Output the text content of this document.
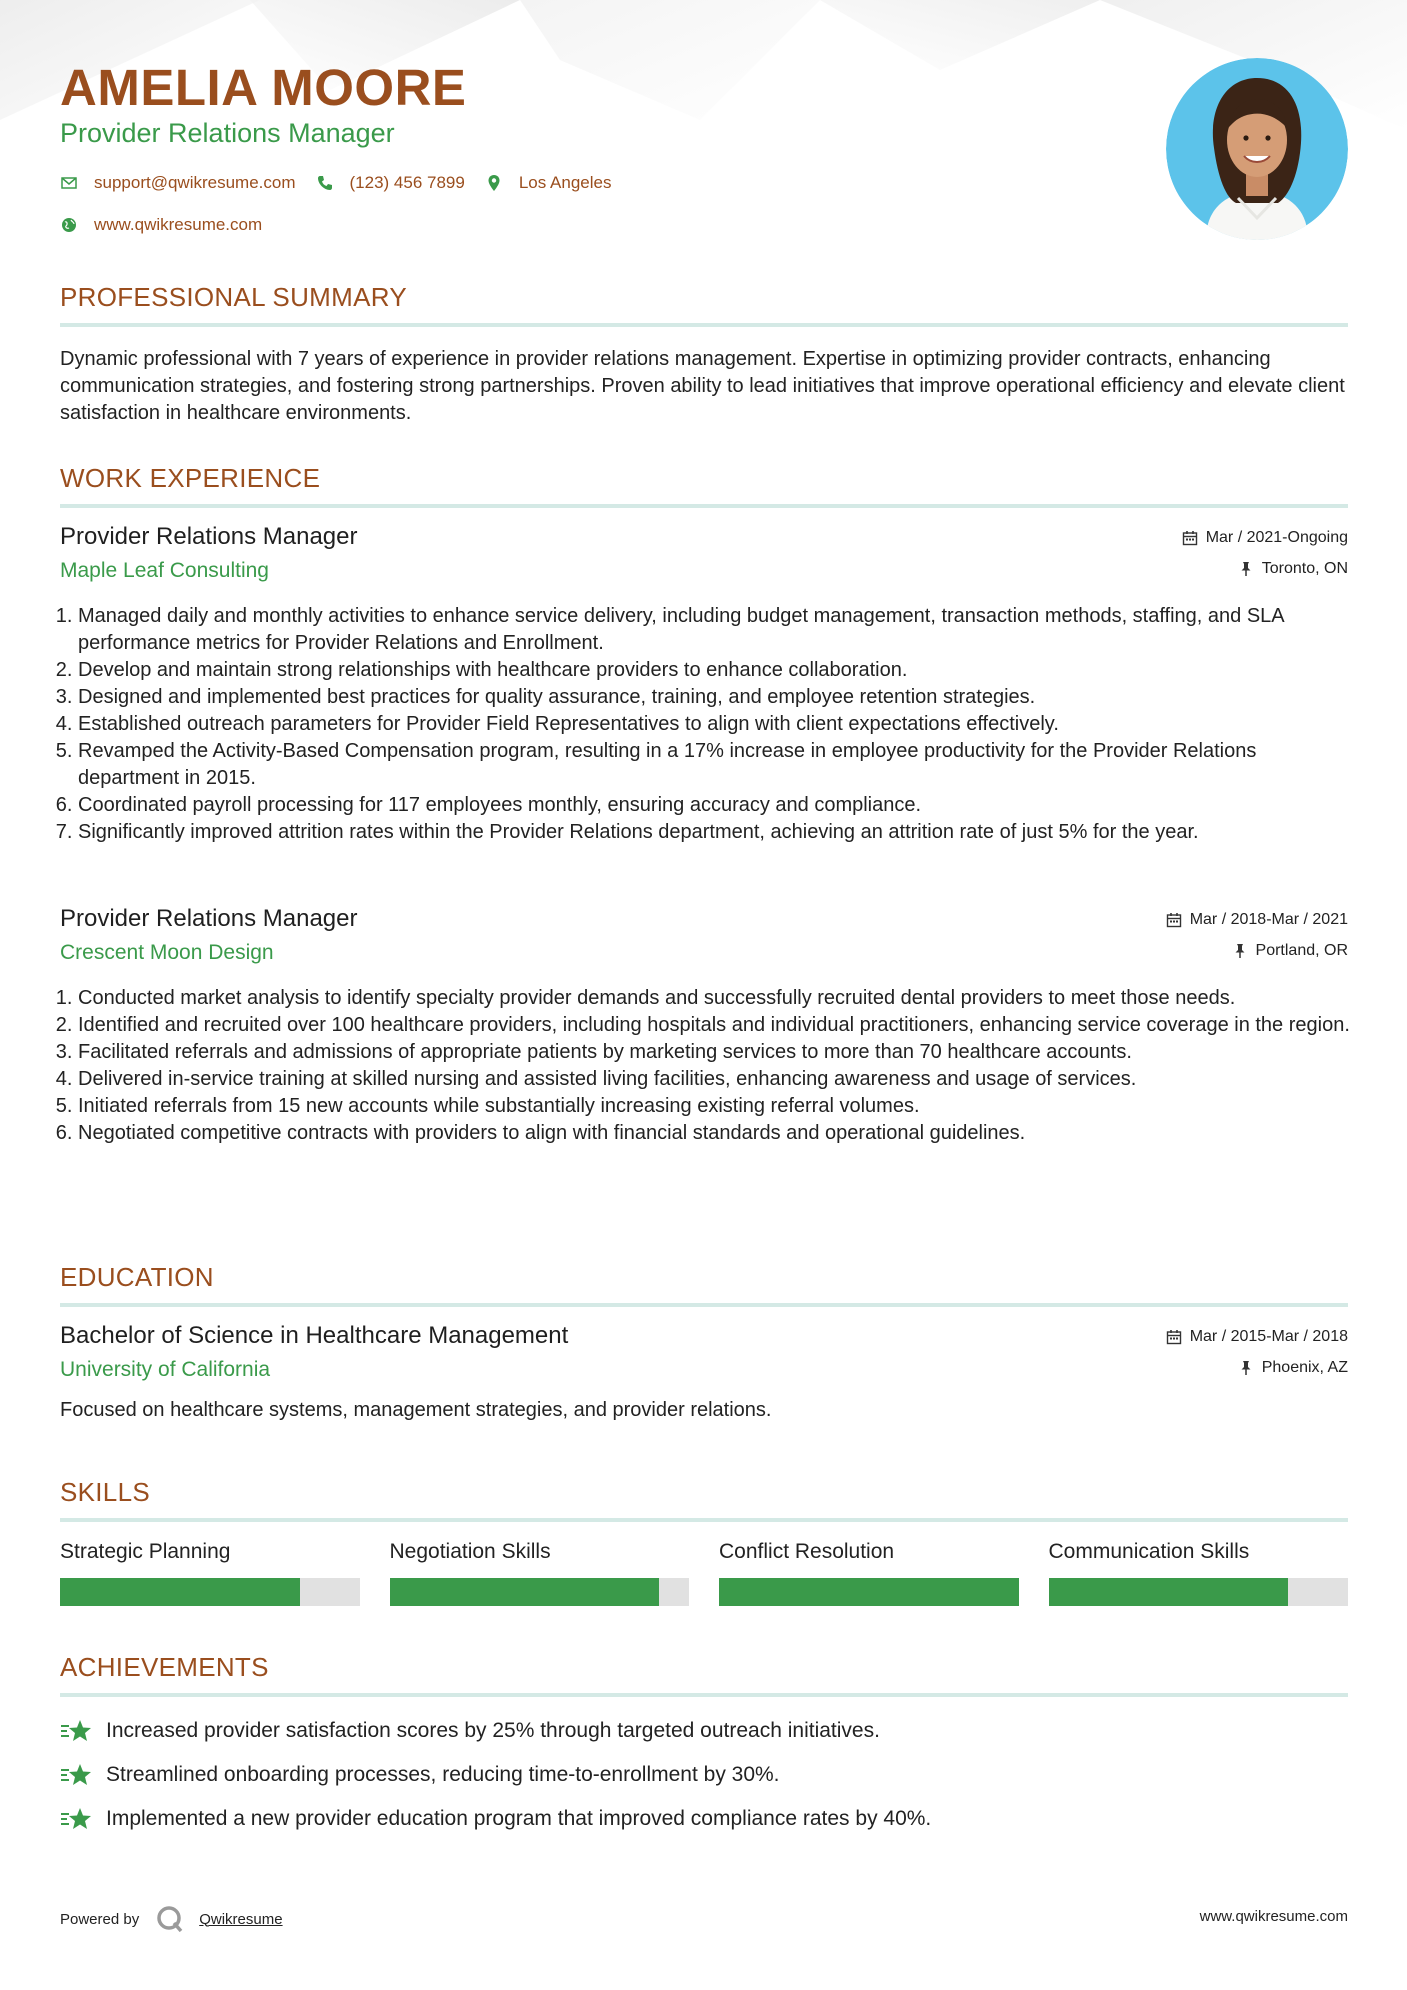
AMELIA MOORE
Provider Relations Manager
support@qwikresume.com	(123) 456 7899	Los Angeles
www.qwikresume.com
PROFESSIONAL SUMMARY
Dynamic professional with 7 years of experience in provider relations management. Expertise in optimizing provider contracts, enhancing communication strategies, and fostering strong partnerships. Proven ability to lead initiatives that improve operational efficiency and elevate client satisfaction in healthcare environments.
WORK EXPERIENCE
Provider Relations Manager
Maple Leaf Consulting
Mar / 2021-Ongoing
Toronto, ON
1. Managed daily and monthly activities to enhance service delivery, including budget management, transaction methods, staffing, and SLA performance metrics for Provider Relations and Enrollment.
2. Develop and maintain strong relationships with healthcare providers to enhance collaboration.
3. Designed and implemented best practices for quality assurance, training, and employee retention strategies.
4. Established outreach parameters for Provider Field Representatives to align with client expectations effectively.
5. Revamped the Activity-Based Compensation program, resulting in a 17% increase in employee productivity for the Provider Relations department in 2015.
6. Coordinated payroll processing for 117 employees monthly, ensuring accuracy and compliance.
7. Significantly improved attrition rates within the Provider Relations department, achieving an attrition rate of just 5% for the year.
Provider Relations Manager
Crescent Moon Design
Mar / 2018-Mar / 2021
Portland, OR
1. Conducted market analysis to identify specialty provider demands and successfully recruited dental providers to meet those needs.
2. Identified and recruited over 100 healthcare providers, including hospitals and individual practitioners, enhancing service coverage in the region.
3. Facilitated referrals and admissions of appropriate patients by marketing services to more than 70 healthcare accounts.
4. Delivered in-service training at skilled nursing and assisted living facilities, enhancing awareness and usage of services.
5. Initiated referrals from 15 new accounts while substantially increasing existing referral volumes.
6. Negotiated competitive contracts with providers to align with financial standards and operational guidelines.
EDUCATION
Bachelor of Science in Healthcare Management
University of California
Mar / 2015-Mar / 2018
Phoenix, AZ
Focused on healthcare systems, management strategies, and provider relations.
SKILLS
Strategic Planning	Negotiation Skills	Conflict Resolution	Communication Skills
ACHIEVEMENTS
Increased provider satisfaction scores by 25% through targeted outreach initiatives.
Streamlined onboarding processes, reducing time-to-enrollment by 30%.
Implemented a new provider education program that improved compliance rates by 40%.
Powered by	Qwikresume	www.qwikresume.com
